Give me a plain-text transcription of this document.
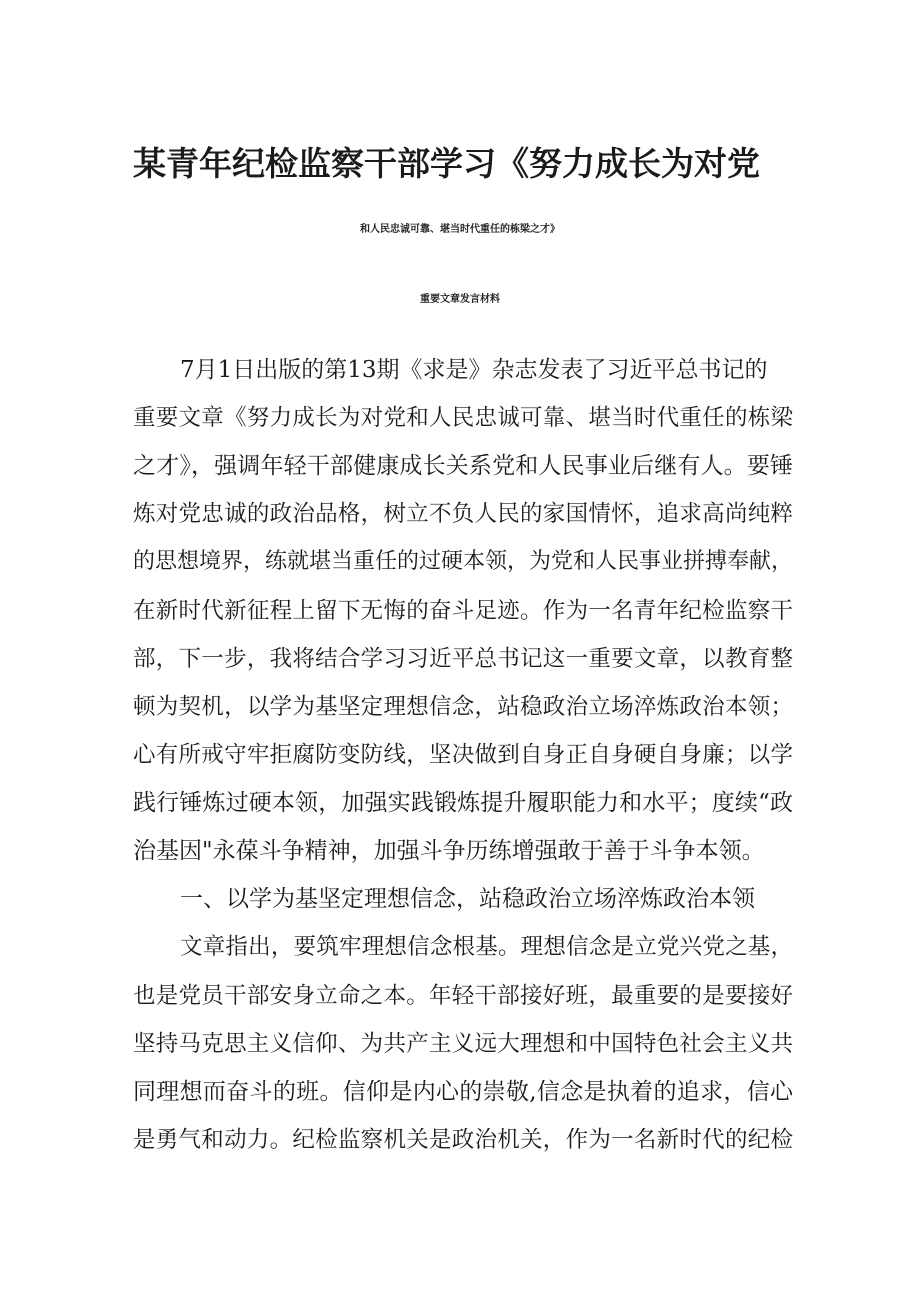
某青年纪检监察干部学习《努力成长为对党
和人民忠诚可靠、堪当时代重任的栋梁之才》
重要文章发言材料

7月1日出版的第13期《求是》杂志发表了习近平总书记的

重要文章《努力成长为对党和人民忠诚可靠、堪当时代重任的栋梁

之才》，强调年轻干部健康成长关系党和人民事业后继有人。要锤

炼对党忠诚的政治品格，树立不负人民的家国情怀，追求高尚纯粹

的思想境界，练就堪当重任的过硬本领，为党和人民事业拼搏奉献，

在新时代新征程上留下无悔的奋斗足迹。作为一名青年纪检监察干

部，下一步，我将结合学习习近平总书记这一重要文章，以教育整

顿为契机，以学为基坚定理想信念，站稳政治立场淬炼政治本领；

心有所戒守牢拒腐防变防线，坚决做到自身正自身硬自身廉；以学

践行锤炼过硬本领，加强实践锻炼提升履职能力和水平；度续“政

治基因"永葆斗争精神，加强斗争历练增强敢于善于斗争本领。

一、以学为基坚定理想信念，站稳政治立场淬炼政治本领

文章指出，要筑牢理想信念根基。理想信念是立党兴党之基，

也是党员干部安身立命之本。年轻干部接好班，最重要的是要接好

坚持马克思主义信仰、为共产主义远大理想和中国特色社会主义共

同理想而奋斗的班。信仰是内心的崇敬,信念是执着的追求，信心

是勇气和动力。纪检监察机关是政治机关，作为一名新时代的纪检
